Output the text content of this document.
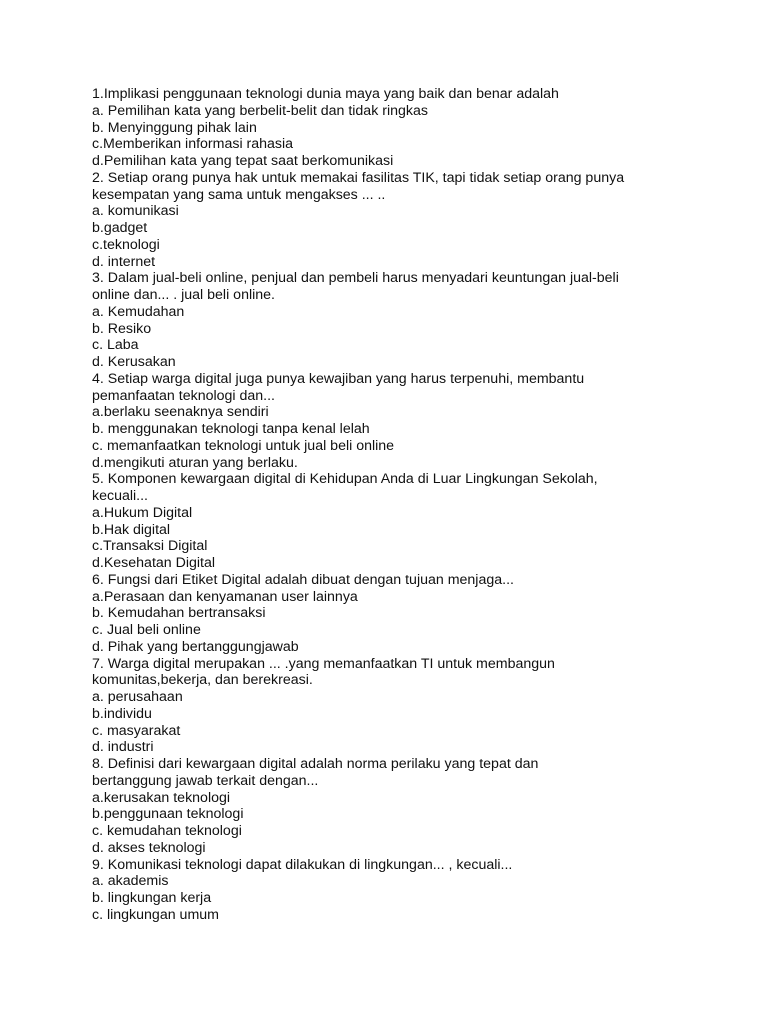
1.Implikasi penggunaan teknologi dunia maya yang baik dan benar adalah
a. Pemilihan kata yang berbelit-belit dan tidak ringkas
b. Menyinggung pihak lain
c.Memberikan informasi rahasia
d.Pemilihan kata yang tepat saat berkomunikasi
2. Setiap orang punya hak untuk memakai fasilitas TIK, tapi tidak setiap orang punya
kesempatan yang sama untuk mengakses ... ..
a. komunikasi
b.gadget
c.teknologi
d. internet
3. Dalam jual-beli online, penjual dan pembeli harus menyadari keuntungan jual-beli
online dan... . jual beli online.
a. Kemudahan
b. Resiko
c. Laba
d. Kerusakan
4. Setiap warga digital juga punya kewajiban yang harus terpenuhi, membantu
pemanfaatan teknologi dan...
a.berlaku seenaknya sendiri
b. menggunakan teknologi tanpa kenal lelah
c. memanfaatkan teknologi untuk jual beli online
d.mengikuti aturan yang berlaku.
5. Komponen kewargaan digital di Kehidupan Anda di Luar Lingkungan Sekolah,
kecuali...
a.Hukum Digital
b.Hak digital
c.Transaksi Digital
d.Kesehatan Digital
6. Fungsi dari Etiket Digital adalah dibuat dengan tujuan menjaga...
a.Perasaan dan kenyamanan user lainnya
b. Kemudahan bertransaksi
c. Jual beli online
d. Pihak yang bertanggungjawab
7. Warga digital merupakan ... .yang memanfaatkan TI untuk membangun
komunitas,bekerja, dan berekreasi.
a. perusahaan
b.individu
c. masyarakat
d. industri
8. Definisi dari kewargaan digital adalah norma perilaku yang tepat dan
bertanggung jawab terkait dengan...
a.kerusakan teknologi
b.penggunaan teknologi
c. kemudahan teknologi
d. akses teknologi
9. Komunikasi teknologi dapat dilakukan di lingkungan... , kecuali...
a. akademis
b. lingkungan kerja
c. lingkungan umum
